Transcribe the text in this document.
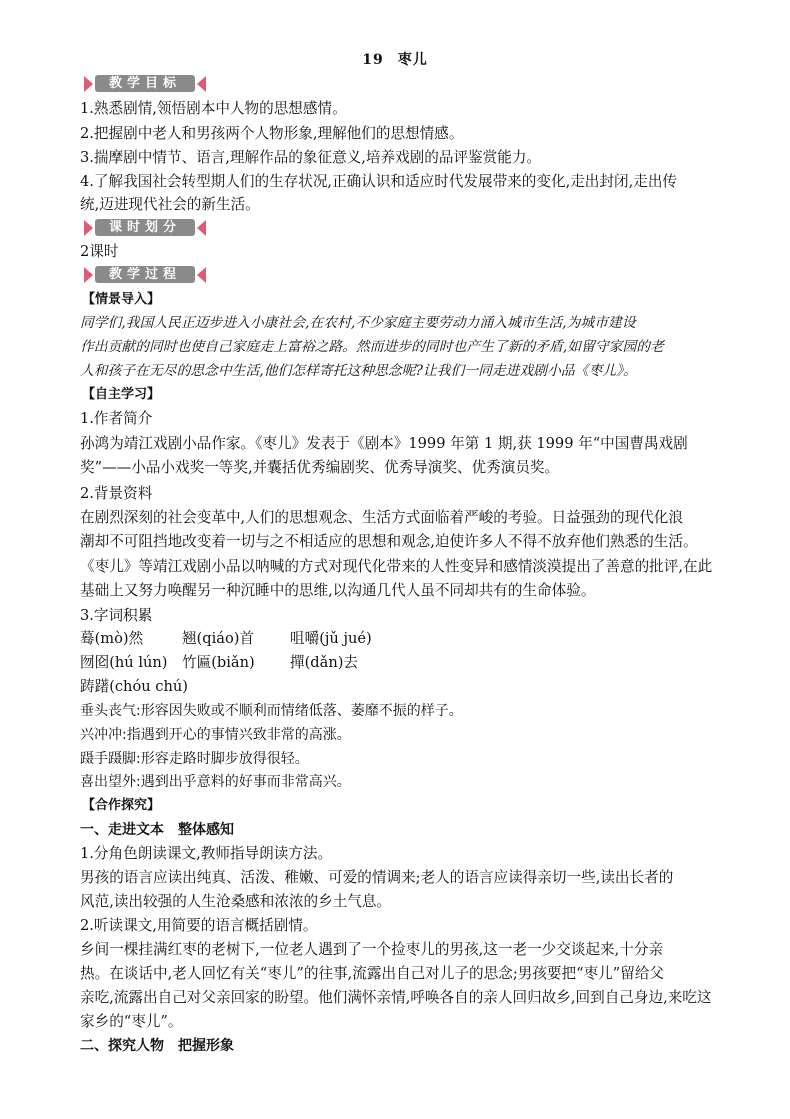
19 枣儿
教学目标
1.熟悉剧情,领悟剧本中人物的思想感情。
2.把握剧中老人和男孩两个人物形象,理解他们的思想情感。
3.揣摩剧中情节、语言,理解作品的象征意义,培养戏剧的品评鉴赏能力。
4.了解我国社会转型期人们的生存状况,正确认识和适应时代发展带来的变化,走出封闭,走出传
统,迈进现代社会的新生活。
课时划分
2课时
教学过程
【情景导入】
同学们,我国人民正迈步进入小康社会,在农村,不少家庭主要劳动力涌入城市生活,为城市建设
作出贡献的同时也使自己家庭走上富裕之路。然而进步的同时也产生了新的矛盾,如留守家园的老
人和孩子在无尽的思念中生活,他们怎样寄托这种思念呢?让我们一同走进戏剧小品《枣儿》。
【自主学习】
1.作者简介
孙鸿为靖江戏剧小品作家。《枣儿》发表于《剧本》1999 年第 1 期,获 1999 年“中国曹禺戏剧
奖”——小品小戏奖一等奖,并囊括优秀编剧奖、优秀导演奖、优秀演员奖。
2.背景资料
在剧烈深刻的社会变革中,人们的思想观念、生活方式面临着严峻的考验。日益强劲的现代化浪
潮却不可阻挡地改变着一切与之不相适应的思想和观念,迫使许多人不得不放弃他们熟悉的生活。
《枣儿》等靖江戏剧小品以呐喊的方式对现代化带来的人性变异和感情淡漠提出了善意的批评,在此
基础上又努力唤醒另一种沉睡中的思维,以沟通几代人虽不同却共有的生命体验。
3.字词积累
蓦(mò)然	翘(qiáo)首 咀嚼(jǔ jué)
囫囵(hú lún) 竹匾(biǎn) 撣(dǎn)去
踌躇(chóu chú)
垂头丧气:形容因失败或不顺利而情绪低落、萎靡不振的样子。
兴冲冲:指遇到开心的事情兴致非常的高涨。
蹑手蹑脚:形容走路时脚步放得很轻。
喜出望外:遇到出乎意料的好事而非常高兴。
【合作探究】
一、走进文本　整体感知
1.分角色朗读课文,教师指导朗读方法。
男孩的语言应读出纯真、活泼、稚嫩、可爱的情调来;老人的语言应读得亲切一些,读出长者的
风范,读出较强的人生沧桑感和浓浓的乡土气息。
2.听读课文,用简要的语言概括剧情。
乡间一棵挂满红枣的老树下,一位老人遇到了一个捡枣儿的男孩,这一老一少交谈起来,十分亲
热。在谈话中,老人回忆有关“枣儿”的往事,流露出自己对儿子的思念;男孩要把“枣儿”留给父
亲吃,流露出自己对父亲回家的盼望。他们满怀亲情,呼唤各自的亲人回归故乡,回到自己身边,来吃这
家乡的“枣儿”。
二、探究人物　把握形象
